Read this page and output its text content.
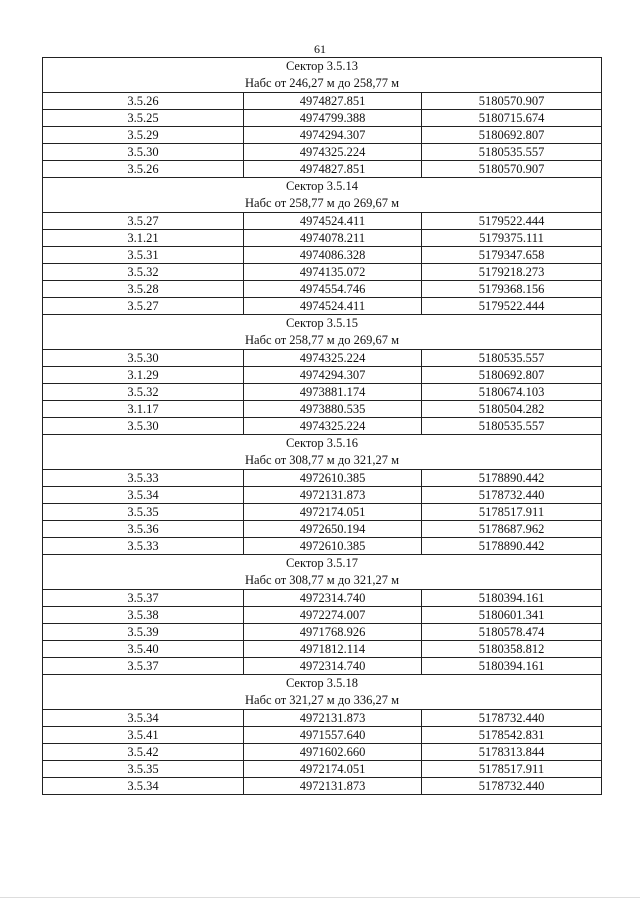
61
Сектор 3.5.13
Набс от 246,27 м до 258,77 м		

3.5.26	4974827.851	5180570.907
3.5.25	4974799.388	5180715.674
3.5.29	4974294.307	5180692.807
3.5.30	4974325.224	5180535.557
3.5.26	4974827.851	5180570.907

Сектор 3.5.14
Набс от 258,77 м до 269,67 м		

3.5.27	4974524.411	5179522.444
3.1.21	4974078.211	5179375.111
3.5.31	4974086.328	5179347.658
3.5.32	4974135.072	5179218.273
3.5.28	4974554.746	5179368.156
3.5.27	4974524.411	5179522.444

Сектор 3.5.15
Набс от 258,77 м до 269,67 м		

3.5.30	4974325.224	5180535.557
3.1.29	4974294.307	5180692.807
3.5.32	4973881.174	5180674.103
3.1.17	4973880.535	5180504.282
3.5.30	4974325.224	5180535.557

Сектор 3.5.16
Набс от 308,77 м до 321,27 м		

3.5.33	4972610.385	5178890.442
3.5.34	4972131.873	5178732.440
3.5.35	4972174.051	5178517.911
3.5.36	4972650.194	5178687.962
3.5.33	4972610.385	5178890.442

Сектор 3.5.17
Набс от 308,77 м до 321,27 м		

3.5.37	4972314.740	5180394.161
3.5.38	4972274.007	5180601.341
3.5.39	4971768.926	5180578.474
3.5.40	4971812.114	5180358.812
3.5.37	4972314.740	5180394.161

Сектор 3.5.18
Набс от 321,27 м до 336,27 м		

3.5.34	4972131.873	5178732.440
3.5.41	4971557.640	5178542.831
3.5.42	4971602.660	5178313.844
3.5.35	4972174.051	5178517.911
3.5.34	4972131.873	5178732.440
